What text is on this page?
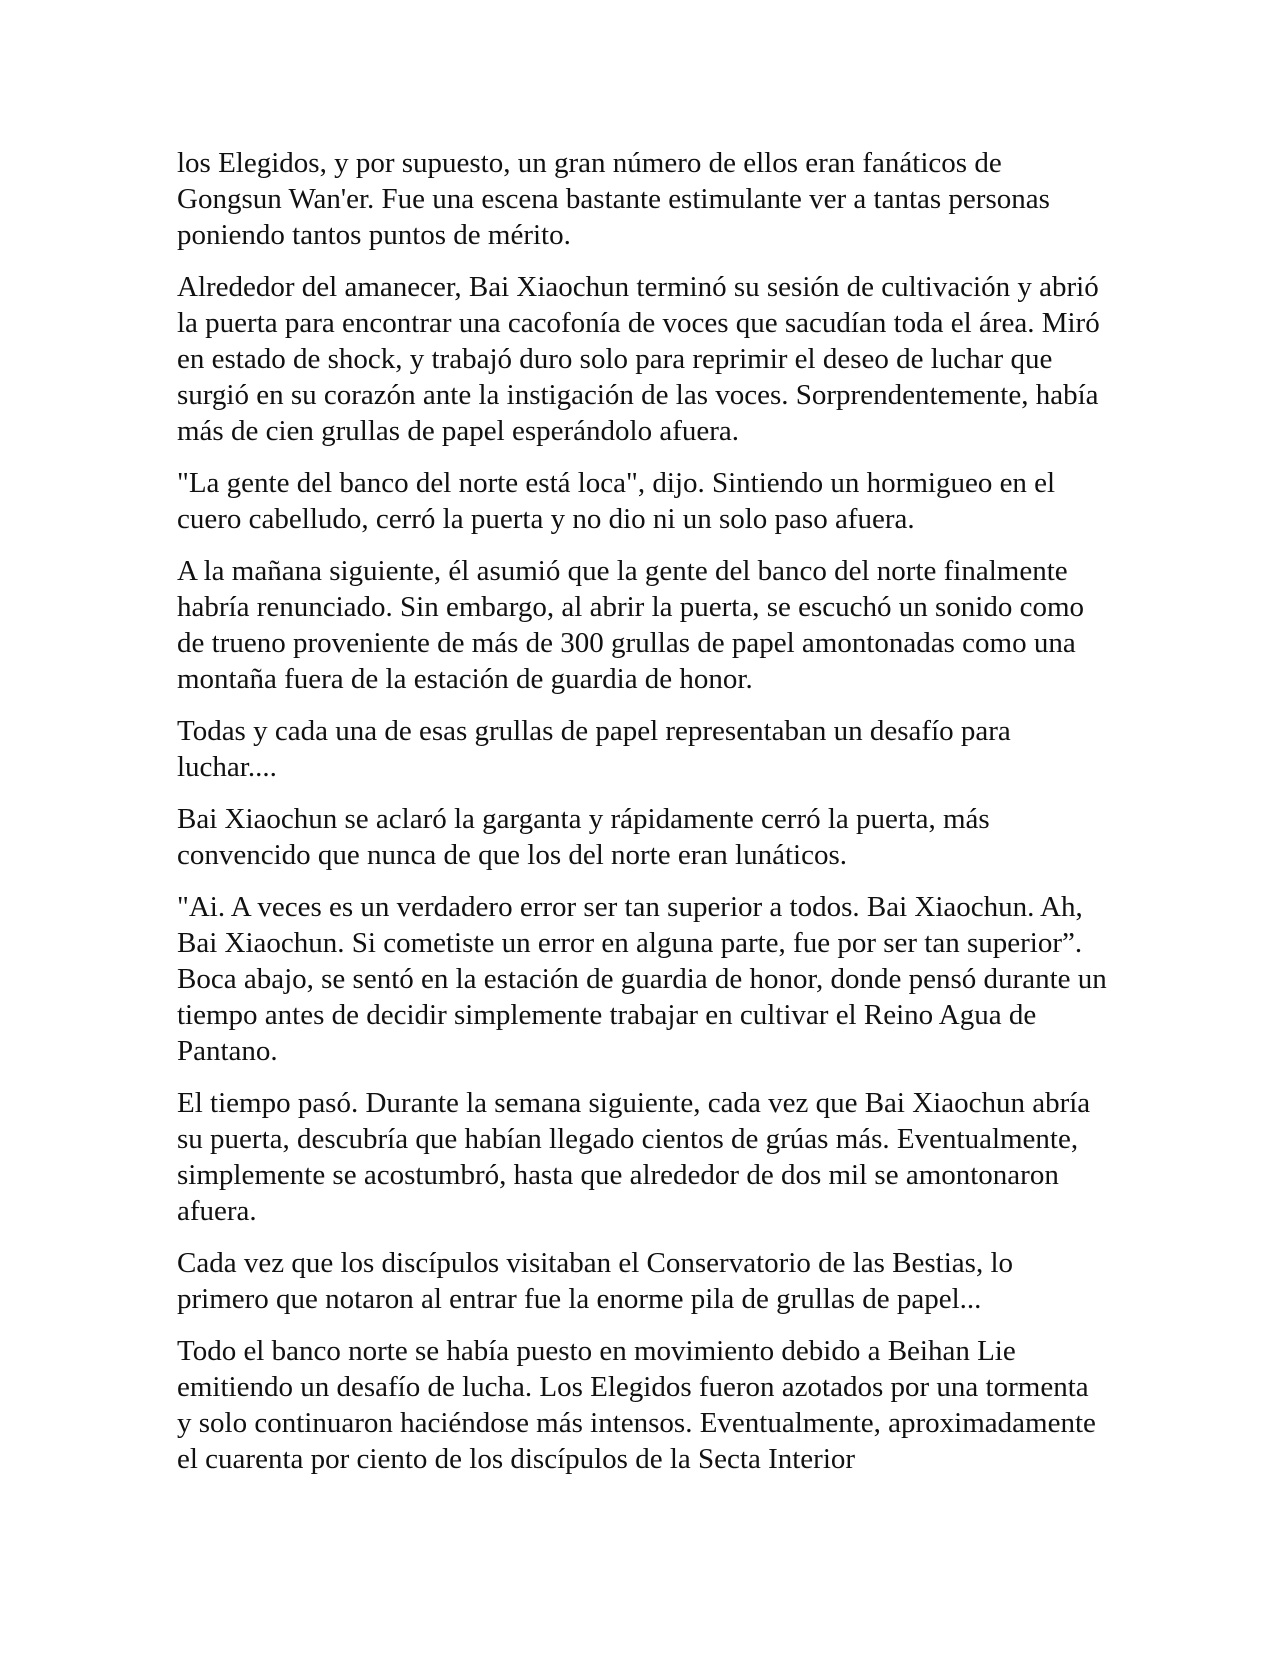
los Elegidos, y por supuesto, un gran número de ellos eran fanáticos de Gongsun Wan'er. Fue una escena bastante estimulante ver a tantas personas poniendo tantos puntos de mérito.

Alrededor del amanecer, Bai Xiaochun terminó su sesión de cultivación y abrió la puerta para encontrar una cacofonía de voces que sacudían toda el área. Miró en estado de shock, y trabajó duro solo para reprimir el deseo de luchar que surgió en su corazón ante la instigación de las voces. Sorprendentemente, había más de cien grullas de papel esperándolo afuera.

"La gente del banco del norte está loca", dijo. Sintiendo un hormigueo en el cuero cabelludo, cerró la puerta y no dio ni un solo paso afuera.

A la mañana siguiente, él asumió que la gente del banco del norte finalmente habría renunciado. Sin embargo, al abrir la puerta, se escuchó un sonido como de trueno proveniente de más de 300 grullas de papel amontonadas como una montaña fuera de la estación de guardia de honor.

Todas y cada una de esas grullas de papel representaban un desafío para luchar....

Bai Xiaochun se aclaró la garganta y rápidamente cerró la puerta, más convencido que nunca de que los del norte eran lunáticos.

"Ai. A veces es un verdadero error ser tan superior a todos. Bai Xiaochun. Ah, Bai Xiaochun. Si cometiste un error en alguna parte, fue por ser tan superior”. Boca abajo, se sentó en la estación de guardia de honor, donde pensó durante un tiempo antes de decidir simplemente trabajar en cultivar el Reino Agua de Pantano.

El tiempo pasó. Durante la semana siguiente, cada vez que Bai Xiaochun abría su puerta, descubría que habían llegado cientos de grúas más. Eventualmente, simplemente se acostumbró, hasta que alrededor de dos mil se amontonaron afuera.

Cada vez que los discípulos visitaban el Conservatorio de las Bestias, lo primero que notaron al entrar fue la enorme pila de grullas de papel...

Todo el banco norte se había puesto en movimiento debido a Beihan Lie emitiendo un desafío de lucha. Los Elegidos fueron azotados por una tormenta y solo continuaron haciéndose más intensos. Eventualmente, aproximadamente el cuarenta por ciento de los discípulos de la Secta Interior
